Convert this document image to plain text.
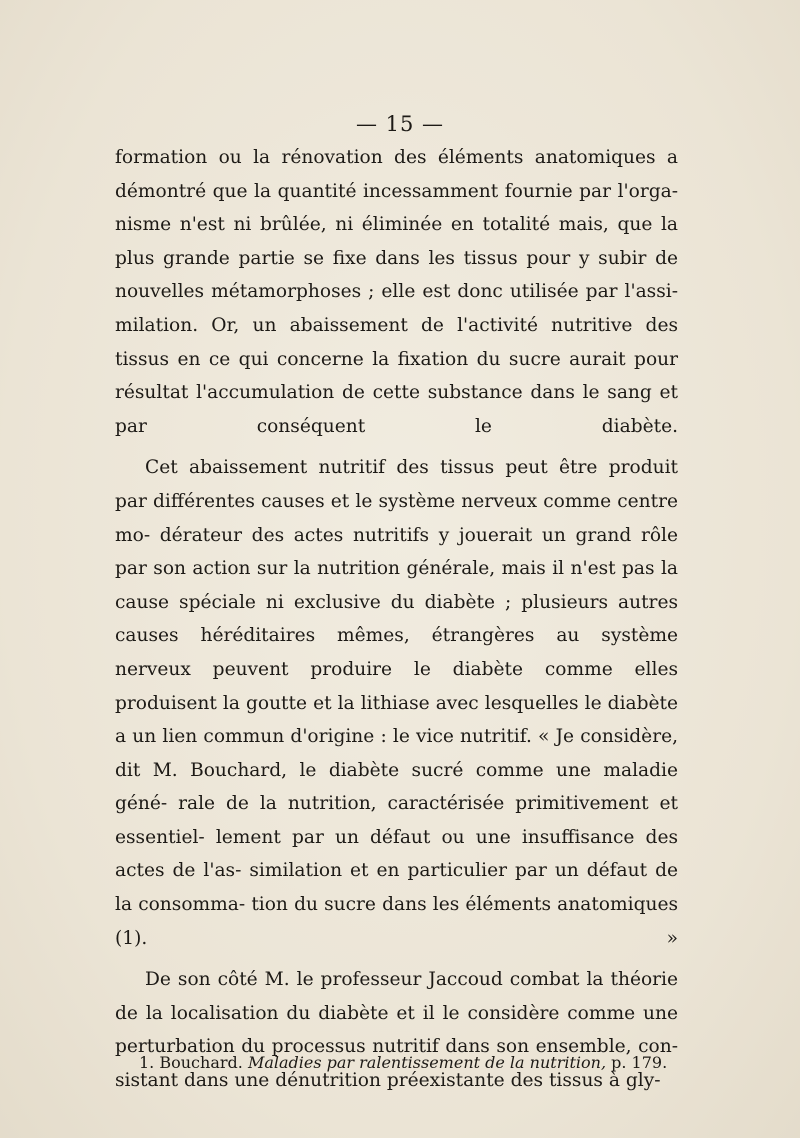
— 15 —

formation ou la rénovation des éléments anatomiques a démontré que la quantité incessamment fournie par l'orga- nisme n'est ni brûlée, ni éliminée en totalité mais, que la plus grande partie se fixe dans les tissus pour y subir de nouvelles métamorphoses ; elle est donc utilisée par l'assi- milation. Or, un abaissement de l'activité nutritive des tissus en ce qui concerne la fixation du sucre aurait pour résultat l'accumulation de cette substance dans le sang et par conséquent le diabète.

Cet abaissement nutritif des tissus peut être produit par différentes causes et le système nerveux comme centre mo- dérateur des actes nutritifs y jouerait un grand rôle par son action sur la nutrition générale, mais il n'est pas la cause spéciale ni exclusive du diabète ; plusieurs autres causes héréditaires mêmes, étrangères au système nerveux peuvent produire le diabète comme elles produisent la goutte et la lithiase avec lesquelles le diabète a un lien commun d'origine : le vice nutritif. « Je considère, dit M. Bouchard, le diabète sucré comme une maladie géné- rale de la nutrition, caractérisée primitivement et essentiel- lement par un défaut ou une insuffisance des actes de l'as- similation et en particulier par un défaut de la consomma- tion du sucre dans les éléments anatomiques (1). »

De son côté M. le professeur Jaccoud combat la théorie de la localisation du diabète et il le considère comme une perturbation du processus nutritif dans son ensemble, con- sistant dans une dénutrition préexistante des tissus à gly-

1. Bouchard. Maladies par ralentissement de la nutrition, p. 179.
